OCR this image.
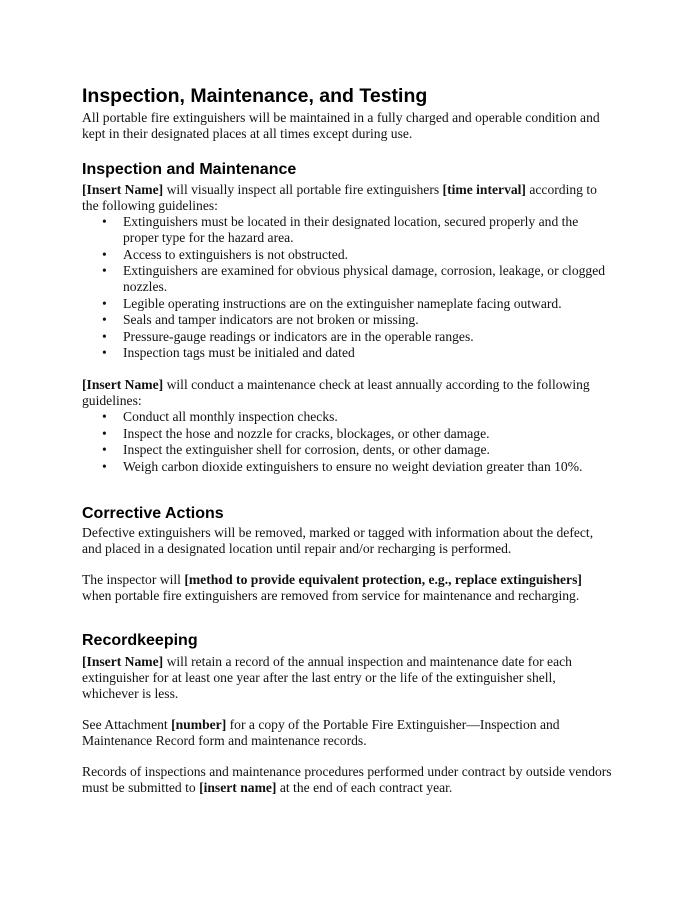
Inspection, Maintenance, and Testing
All portable fire extinguishers will be maintained in a fully charged and operable condition and
kept in their designated places at all times except during use.
Inspection and Maintenance
[Insert Name] will visually inspect all portable fire extinguishers [time interval] according to
the following guidelines:
• Extinguishers must be located in their designated location, secured properly and the
proper type for the hazard area.
• Access to extinguishers is not obstructed.
• Extinguishers are examined for obvious physical damage, corrosion, leakage, or clogged
nozzles.
• Legible operating instructions are on the extinguisher nameplate facing outward.
• Seals and tamper indicators are not broken or missing.
• Pressure-gauge readings or indicators are in the operable ranges.
• Inspection tags must be initialed and dated
[Insert Name] will conduct a maintenance check at least annually according to the following
guidelines:
• Conduct all monthly inspection checks.
• Inspect the hose and nozzle for cracks, blockages, or other damage.
• Inspect the extinguisher shell for corrosion, dents, or other damage.
• Weigh carbon dioxide extinguishers to ensure no weight deviation greater than 10%.
Corrective Actions
Defective extinguishers will be removed, marked or tagged with information about the defect,
and placed in a designated location until repair and/or recharging is performed.
The inspector will [method to provide equivalent protection, e.g., replace extinguishers]
when portable fire extinguishers are removed from service for maintenance and recharging.
Recordkeeping
[Insert Name] will retain a record of the annual inspection and maintenance date for each
extinguisher for at least one year after the last entry or the life of the extinguisher shell,
whichever is less.
See Attachment [number] for a copy of the Portable Fire Extinguisher—Inspection and
Maintenance Record form and maintenance records.
Records of inspections and maintenance procedures performed under contract by outside vendors
must be submitted to [insert name] at the end of each contract year.
